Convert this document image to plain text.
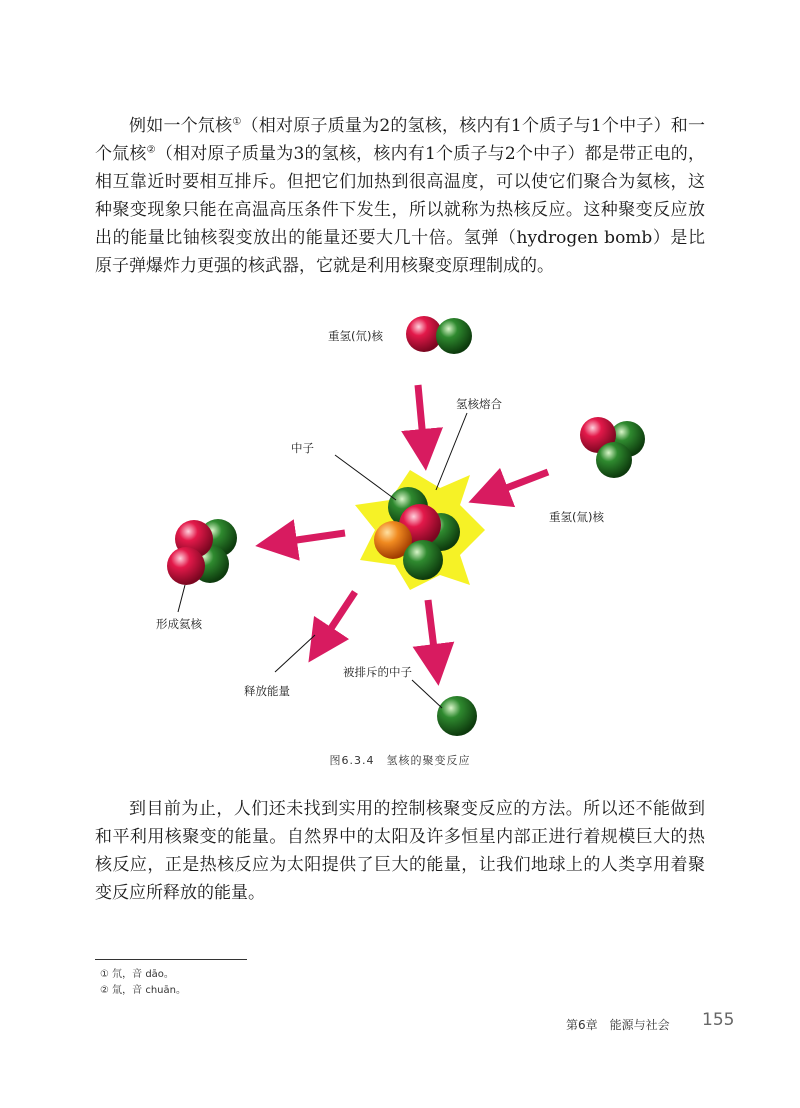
例如一个氘核①（相对原子质量为2的氢核，核内有1个质子与1个中子）和一个氚核②（相对原子质量为3的氢核，核内有1个质子与2个中子）都是带正电的，相互靠近时要相互排斥。但把它们加热到很高温度，可以使它们聚合为氦核，这种聚变现象只能在高温高压条件下发生，所以就称为热核反应。这种聚变反应放出的能量比铀核裂变放出的能量还要大几十倍。氢弹（hydrogen bomb）是比原子弹爆炸力更强的核武器，它就是利用核聚变原理制成的。

重氢(氘)核
氢核熔合
中子
重氢(氚)核
形成氦核
被排斥的中子
释放能量
图6.3.4　氢核的聚变反应

到目前为止，人们还未找到实用的控制核聚变反应的方法。所以还不能做到和平利用核聚变的能量。自然界中的太阳及许多恒星内部正进行着规模巨大的热核反应，正是热核反应为太阳提供了巨大的能量，让我们地球上的人类享用着聚变反应所释放的能量。

① 氘，音 dāo。
② 氚，音 chuān。
第6章　能源与社会 155
